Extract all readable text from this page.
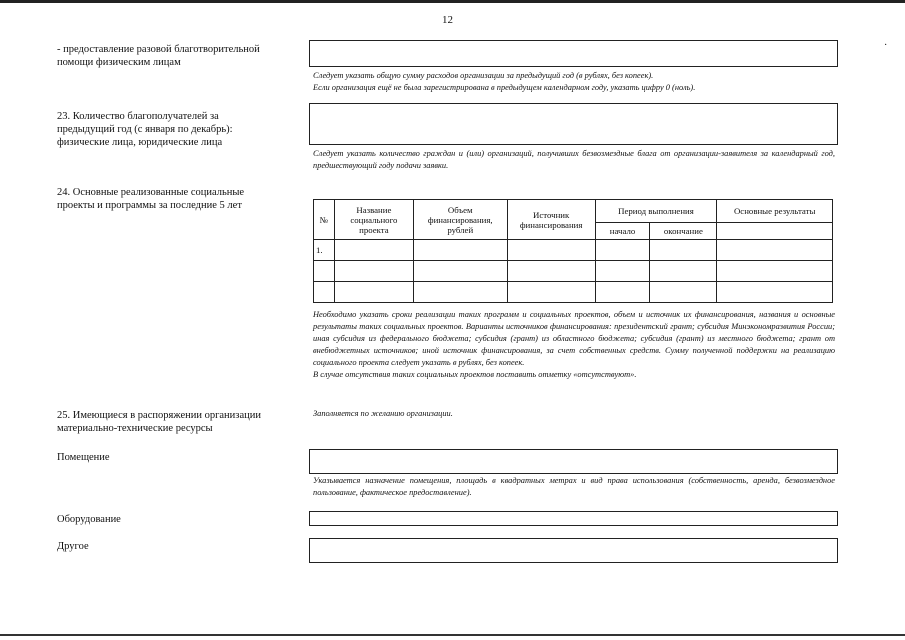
12
·
- предоставление разовой благотворительной помощи физическим лицам

Следует указать общую сумму расходов организации за предыдущий год (в рублях, без копеек).

Если организация ещё не была зарегистрирована в предыдущем календарном году, указать цифру 0 (ноль).

23. Количество благополучателей за предыдущий год (с января по декабрь): физические лица, юридические лица
Следует указать количество граждан и (или) организаций, получивших безвозмездные блага от организации-заявителя за календарный год, предшествующий году подачи заявки.
24. Основные реализованные социальные проекты и программы за последние 5 лет
№	Название социального проекта	Объем финансирования, рублей	Источник финансирования	Период выполнения		Основные результаты
				начало	окончание	
1.						

Необходимо указать сроки реализации таких программ и социальных проектов, объем и источник их финансирования, названия и основные результаты таких социальных проектов. Варианты источников финансирования: президентский грант; субсидия Минэкономразвития России; иная субсидия из федерального бюджета; субсидия (грант) из областного бюджета; субсидия (грант) из местного бюджета; грант от внебюджетных источников; иной источник финансирования, за счет собственных средств. Сумму полученной поддержки на реализацию социального проекта следует указать в рублях, без копеек.

В случае отсутствия таких социальных проектов поставить отметку «отсутствуют».

25. Имеющиеся в распоряжении организации материально-технические ресурсы
Заполняется по желанию организации.
Помещение
Указывается назначение помещения, площадь в квадратных метрах и вид права использования (собственность, аренда, безвозмездное пользование, фактическое предоставление).
Оборудование
Другое
